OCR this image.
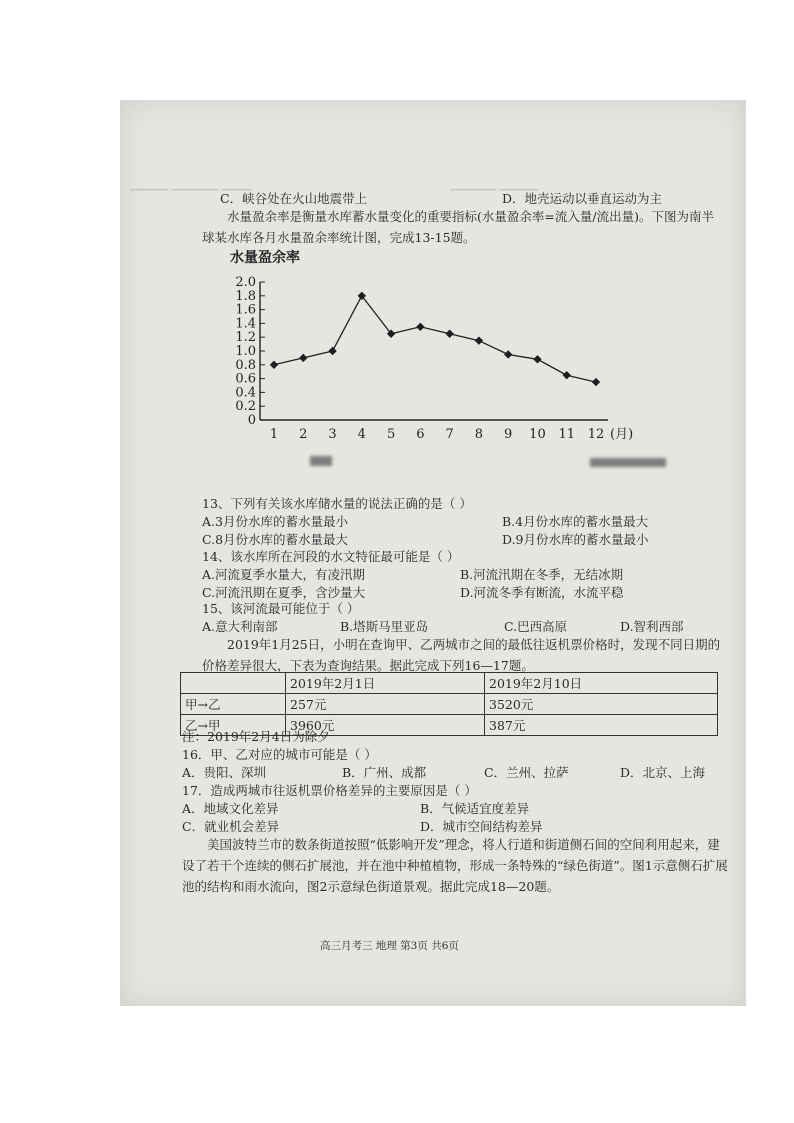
▁▁▁▁▁ ▁▁▁▁▁▁ ▁▁▁▁	▁▁▁▁▁▁ ▁▁▁▁▁
C．峡谷处在火山地震带上	D．地壳运动以垂直运动为主
水量盈余率是衡量水库蓄水量变化的重要指标(水量盈余率=流入量/流出量)。下图为南半球某水库各月水量盈余率统计图，完成13-15题。
水量盈余率
0
0.2
0.4
0.6
0.8
1.0
1.2
1.4
1.6
1.8
2.0
1 2 3 4 5 6 7 8 9 10 11 12 (月)
13、下列有关该水库储水量的说法正确的是（ ）
A.3月份水库的蓄水量最小	B.4月份水库的蓄水量最大
C.8月份水库的蓄水量最大	D.9月份水库的蓄水量最小
14、该水库所在河段的水文特征最可能是（ ）
A.河流夏季水量大，有凌汛期	B.河流汛期在冬季，无结冰期
C.河流汛期在夏季，含沙量大	D.河流冬季有断流，水流平稳
15、该河流最可能位于（ ）
A.意大利南部	B.塔斯马里亚岛	C.巴西高原	D.智利西部
2019年1月25日，小明在查询甲、乙两城市之间的最低往返机票价格时，发现不同日期的价格差异很大，下表为查询结果。据此完成下列16—17题。
	2019年2月1日	2019年2月10日
甲→乙	257元	3520元
乙→甲	3960元	387元
注：2019年2月4日为除夕
16．甲、乙对应的城市可能是（ ）
A．贵阳、深圳	B．广州、成都	C．兰州、拉萨	D．北京、上海
17．造成两城市往返机票价格差异的主要原因是（ ）
A．地域文化差异	B．气候适宜度差异
C．就业机会差异	D．城市空间结构差异
美国波特兰市的数条街道按照“低影响开发”理念，将人行道和街道侧石间的空间利用起来，建设了若干个连续的侧石扩展池，并在池中种植植物，形成一条特殊的“绿色街道”。图1示意侧石扩展池的结构和雨水流向，图2示意绿色街道景观。据此完成18—20题。
高三月考三 地理 第3页 共6页
